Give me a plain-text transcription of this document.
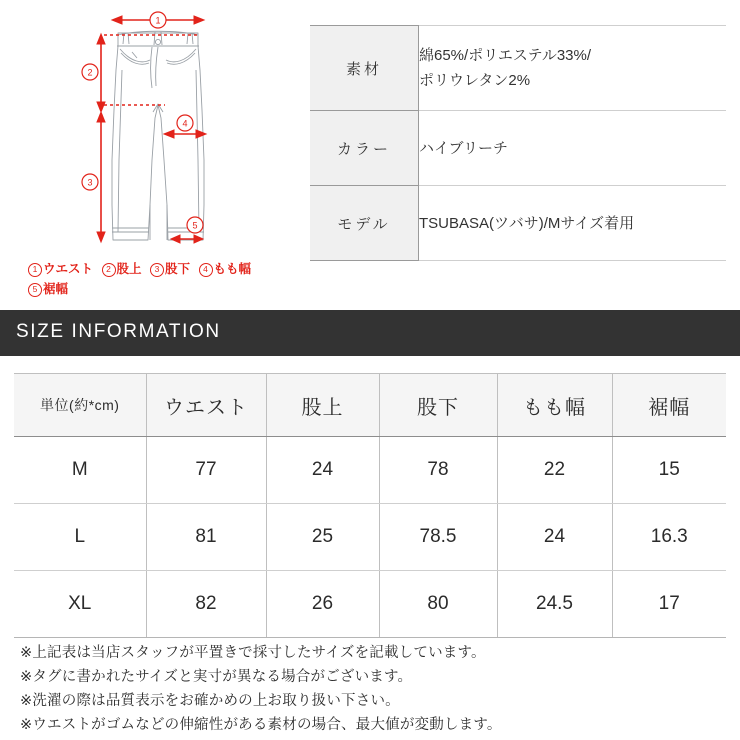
1
2
3
4
5
1 ウエスト 2 股上 3 股下 4 もも幅
5 裾幅
素材	綿65%/ポリエステル33%/
ポリウレタン2%

カラー	ハイブリーチ

モデル	TSUBASA(ツバサ)/Mサイズ着用
SIZE INFORMATION
単位(約*cm)	ウエスト	股上	股下	もも幅	裾幅
M	77	24	78	22	15
L	81	25	78.5	24	16.3
XL	82	26	80	24.5	17
※上記表は当店スタッフが平置きで採寸したサイズを記載しています。
※タグに書かれたサイズと実寸が異なる場合がございます。
※洗濯の際は品質表示をお確かめの上お取り扱い下さい。
※ウエストがゴムなどの伸縮性がある素材の場合、最大値が変動します。
